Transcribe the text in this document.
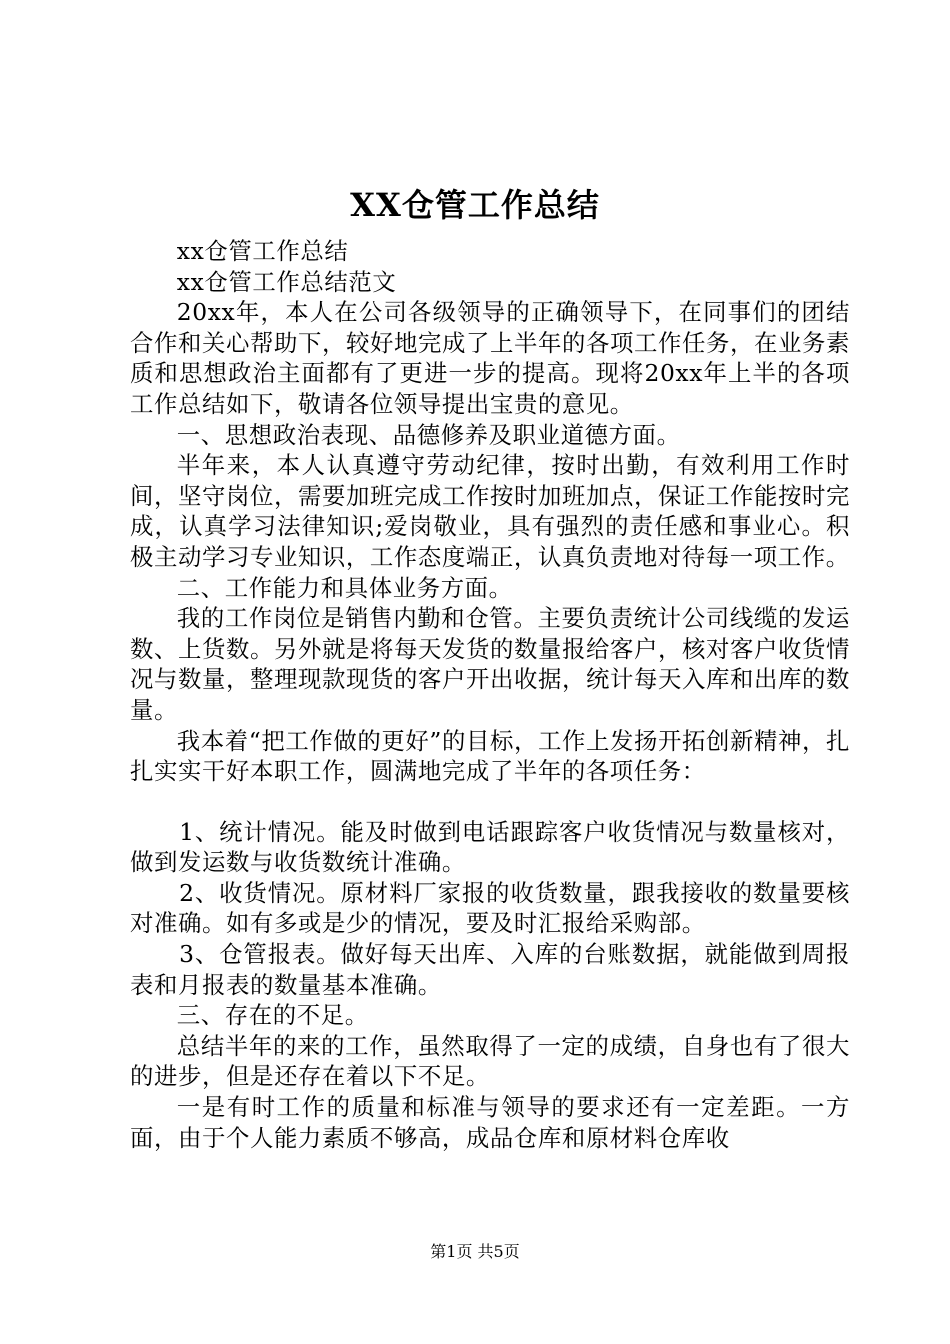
XX仓管工作总结

xx仓管工作总结

xx仓管工作总结范文

20xx年，本人在公司各级领导的正确领导下，在同事们的团结合作和关心帮助下，较好地完成了上半年的各项工作任务，在业务素质和思想政治主面都有了更进一步的提高。现将20xx年上半的各项工作总结如下，敬请各位领导提出宝贵的意见。

一、思想政治表现、品德修养及职业道德方面。

半年来，本人认真遵守劳动纪律，按时出勤，有效利用工作时间，坚守岗位，需要加班完成工作按时加班加点，保证工作能按时完成，认真学习法律知识;爱岗敬业，具有强烈的责任感和事业心。积极主动学习专业知识，工作态度端正，认真负责地对待每一项工作。

二、工作能力和具体业务方面。

我的工作岗位是销售内勤和仓管。主要负责统计公司线缆的发运数、上货数。另外就是将每天发货的数量报给客户，核对客户收货情况与数量，整理现款现货的客户开出收据，统计每天入库和出库的数量。

我本着“把工作做的更好”的目标，工作上发扬开拓创新精神，扎扎实实干好本职工作，圆满地完成了半年的各项任务：

1、统计情况。能及时做到电话跟踪客户收货情况与数量核对，做到发运数与收货数统计准确。

2、收货情况。原材料厂家报的收货数量，跟我接收的数量要核对准确。如有多或是少的情况，要及时汇报给采购部。

3、仓管报表。做好每天出库、入库的台账数据，就能做到周报表和月报表的数量基本准确。

三、存在的不足。

总结半年的来的工作，虽然取得了一定的成绩，自身也有了很大的进步，但是还存在着以下不足。

一是有时工作的质量和标准与领导的要求还有一定差距。一方面，由于个人能力素质不够高，成品仓库和原材料仓库收

第1页 共5页
